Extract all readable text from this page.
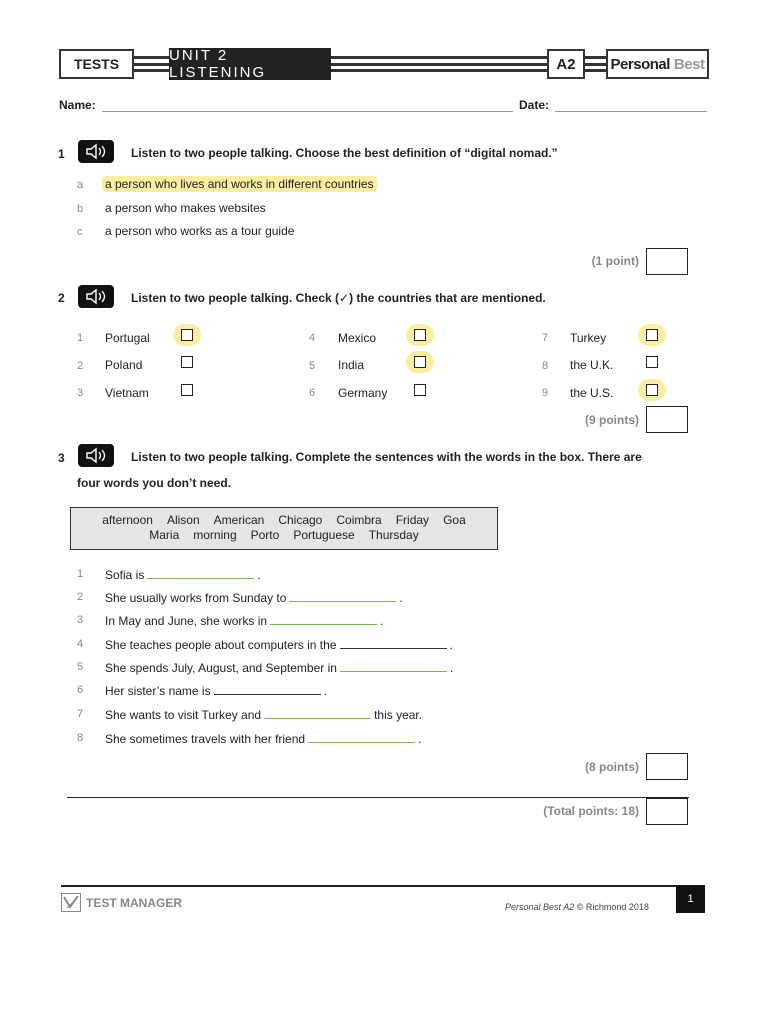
TESTS	UNIT 2 LISTENING	A2	Personal Best
Name:	Date:
1	Listen to two people talking. Choose the best definition of “digital nomad.”
a a person who lives and works in different countries
b a person who makes websites
c a person who works as a tour guide
(1 point)
2	Listen to two people talking. Check (✓) the countries that are mentioned.
1 Portugal
2 Poland
3 Vietnam
4 Mexico
5 India
6 Germany
7 Turkey
8 the U.K.
9 the U.S.
(9 points)
3	Listen to two people talking. Complete the sentences with the words in the box. There are
four words you don’t need.
afternoon Alison American Chicago Coimbra Friday Goa
Maria morning Porto Portuguese Thursday
1 Sofia is	.
2 She usually works from Sunday to	.
3 In May and June, she works in	.
4 She teaches people about computers in the	.
5 She spends July, August, and September in	.
6 Her sister’s name is	.
7 She wants to visit Turkey and	this year.
8 She sometimes travels with her friend	.
(8 points)
(Total points: 18)
TEST MANAGER	Personal Best A2 © Richmond 2018
1
